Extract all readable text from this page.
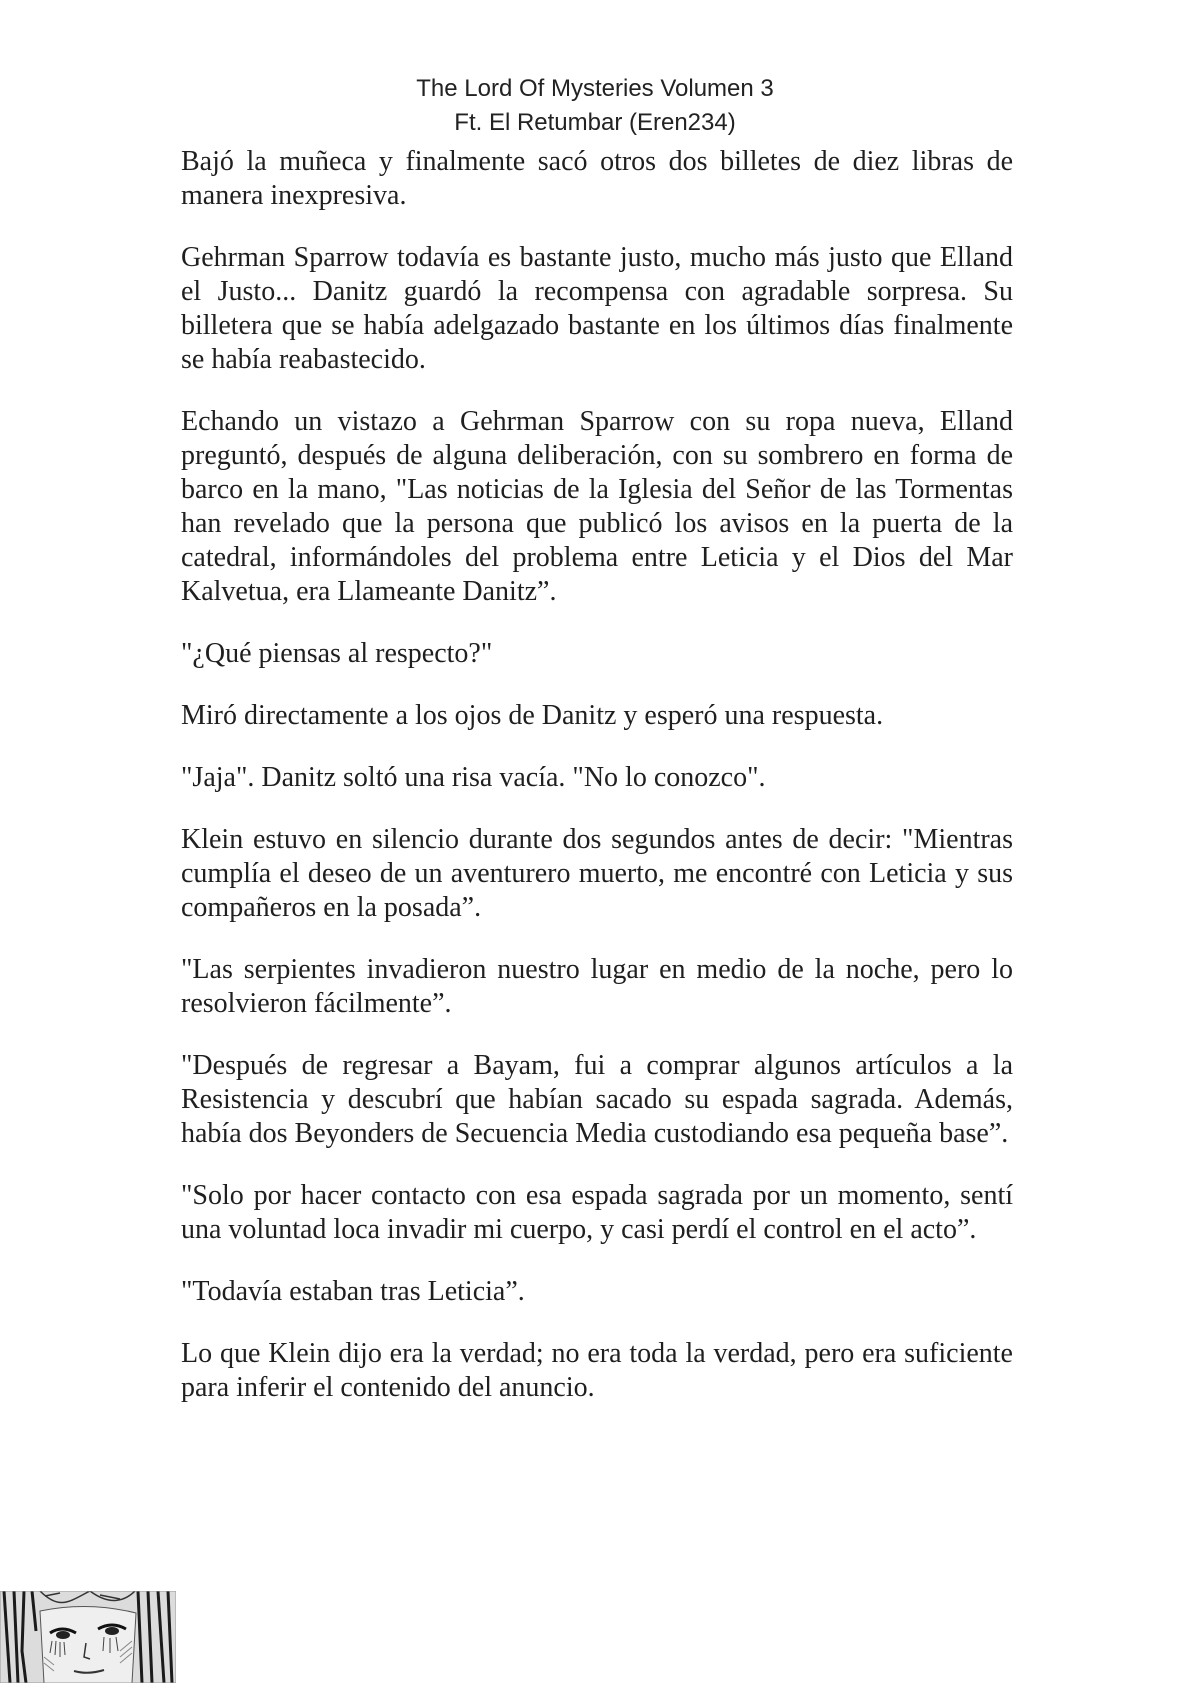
The Lord Of Mysteries Volumen 3
Ft. El Retumbar (Eren234)

Bajó la muñeca y finalmente sacó otros dos billetes de diez libras de manera inexpresiva.

Gehrman Sparrow todavía es bastante justo, mucho más justo que Elland el Justo... Danitz guardó la recompensa con agradable sorpresa. Su billetera que se había adelgazado bastante en los últimos días finalmente se había reabastecido.

Echando un vistazo a Gehrman Sparrow con su ropa nueva, Elland preguntó, después de alguna deliberación, con su sombrero en forma de barco en la mano, "Las noticias de la Iglesia del Señor de las Tormentas han revelado que la persona que publicó los avisos en la puerta de la catedral, informándoles del problema entre Leticia y el Dios del Mar Kalvetua, era Llameante Danitz”.

"¿Qué piensas al respecto?"

Miró directamente a los ojos de Danitz y esperó una respuesta.

"Jaja". Danitz soltó una risa vacía. "No lo conozco".

Klein estuvo en silencio durante dos segundos antes de decir: "Mientras cumplía el deseo de un aventurero muerto, me encontré con Leticia y sus compañeros en la posada”.

"Las serpientes invadieron nuestro lugar en medio de la noche, pero lo resolvieron fácilmente”.

"Después de regresar a Bayam, fui a comprar algunos artículos a la Resistencia y descubrí que habían sacado su espada sagrada. Además, había dos Beyonders de Secuencia Media custodiando esa pequeña base”.

"Solo por hacer contacto con esa espada sagrada por un momento, sentí una voluntad loca invadir mi cuerpo, y casi perdí el control en el acto”.

"Todavía estaban tras Leticia”.

Lo que Klein dijo era la verdad; no era toda la verdad, pero era suficiente para inferir el contenido del anuncio.
